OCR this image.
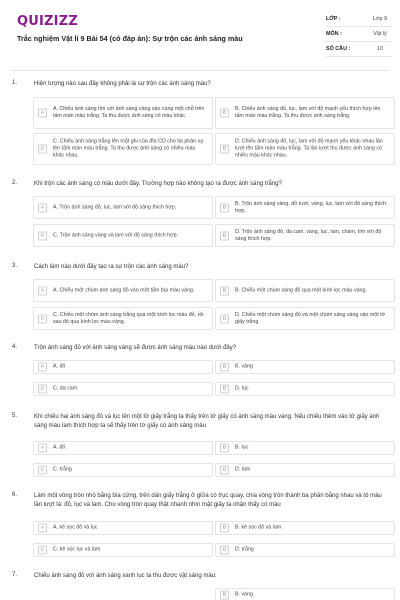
QUIZIZZ
Trắc nghiệm Vật lí 9 Bài 54 (có đáp án): Sự trộn các ánh sáng màu
LỚP :	Lớp 9
MÔN :	Vật lý
SỐ CÂU :	10
1.	Hiện tượng nào sau đây không phải là sự trộn các ánh sáng màu?
A
A. Chiếu ánh sáng tím với ánh sáng vàng vào cùng một chỗ trên tấm màn màu trắng. Ta thu được ánh sáng có màu khác.	B
B. Chiếu ánh sáng đỏ, lục, lam với độ mạnh yếu thích hợp lên tấm màn màu trắng. Ta thu được ánh sáng trắng.
C
C. Chiếu ánh sáng trắng lên mặt ghi của đĩa CD cho tia phản xạ lên tấm màn màu trắng. Ta thu được ánh sáng có nhiều màu khác nhau.
D
D. Chiếu ánh sáng đỏ, lục, lam với độ mạnh yếu khác nhau lần lượt lên tấm màn màu trắng. Ta lần lượt thu được ánh sáng có nhiều màu khác nhau.
2.	Khi trộn các ánh sáng có màu dưới đây. Trường hợp nào không tạo ra được ánh sáng trắng?
A	A. Trộn ánh sáng đỏ, lục, lam với độ sáng thích hợp.	B
B. Trộn ánh sáng vàng, đỏ tươi, vàng, lục, lam với độ sáng thích hợp.
C	C. Trộn ánh sáng vàng và lam với độ sáng thích hợp.	D
D. Trộn ánh sáng đỏ, da cam, vàng, lục, lam, chàm, tím với độ sáng thích hợp.
3.	Cách làm nào dưới đây tạo ra sự trộn các ánh sáng màu?
A	A. Chiếu một chùm ánh sáng đỏ vào một tấm bìa màu vàng.	B	B. Chiếu một chùm sáng đỏ qua một kính lọc màu vàng.
C
C. Chiếu một chùm ánh sáng trắng qua một kính lọc màu đỏ, rồi sau đó qua kính lọc màu vàng.	D
D. Chiếu một chùm sáng đỏ và một chùm sáng vàng vào một tờ giấy trắng.
4.	Trộn ánh sáng đỏ với ánh sáng vàng sẽ được ánh sáng màu nào dưới đây?
A	A. đỏ	B	B. vàng
C	C. da cam	D	D. lục
5.	Khi chiếu hai ánh sáng đỏ và lục lên một tờ giấy trắng ta thấy trên tờ giấy có ánh sáng màu vàng. Nếu chiếu thêm vào tờ giấy ánh sáng màu lam thích hợp ta sẽ thấy trên tờ giấy có ánh sáng màu
A	A. đỏ	B	B. lục
C	C. trắng	D	D. lam
6.	Làm một vòng tròn nhỏ bằng bìa cứng, trên dán giấy trắng ở giữa có trục quay, chia vòng tròn thành ba phần bằng nhau và tô màu lần lượt là: đỏ, lục và lam. Cho vòng tròn quay thật nhanh nhìn mặt giấy ta nhận thấy có màu
A	A. kẻ sọc đỏ và lục	B	B. kẻ sọc đỏ và lam
C	C. kẻ sọc lục và lam	D	D. trắng
7.	Chiếu ánh sáng đỏ với ánh sáng xanh lục ta thu được vật sáng màu:
B	B. vàng
